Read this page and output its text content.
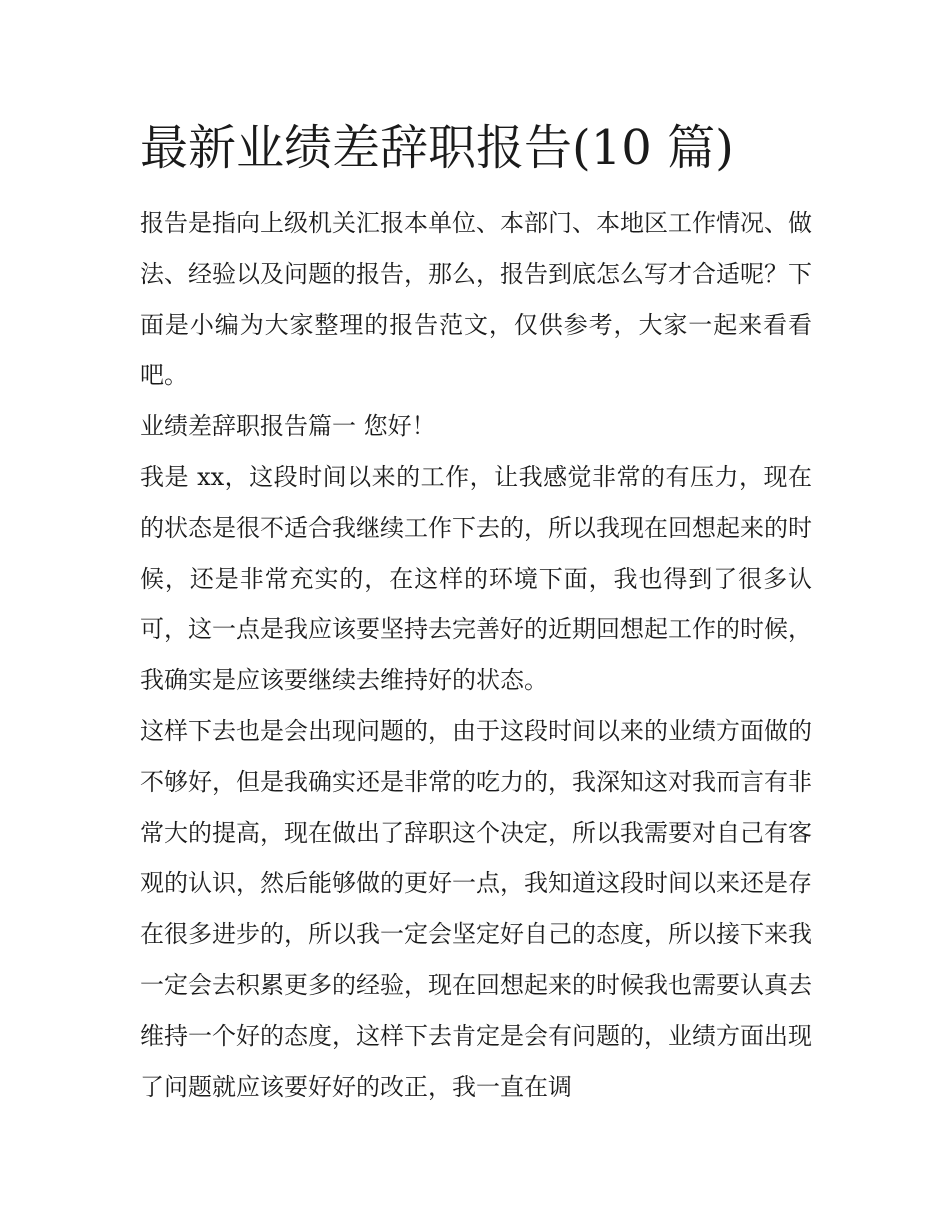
最新业绩差辞职报告(10 篇)

报告是指向上级机关汇报本单位、本部门、本地区工作情况、做法、经验以及问题的报告，那么，报告到底怎么写才合适呢？下面是小编为大家整理的报告范文，仅供参考，大家一起来看看吧。

业绩差辞职报告篇一 您好！

我是 xx，这段时间以来的工作，让我感觉非常的有压力，现在的状态是很不适合我继续工作下去的，所以我现在回想起来的时候，还是非常充实的，在这样的环境下面，我也得到了很多认可，这一点是我应该要坚持去完善好的近期回想起工作的时候，我确实是应该要继续去维持好的状态。

这样下去也是会出现问题的，由于这段时间以来的业绩方面做的不够好，但是我确实还是非常的吃力的，我深知这对我而言有非常大的提高，现在做出了辞职这个决定，所以我需要对自己有客观的认识，然后能够做的更好一点，我知道这段时间以来还是存在很多进步的，所以我一定会坚定好自己的态度，所以接下来我一定会去积累更多的经验，现在回想起来的时候我也需要认真去维持一个好的态度，这样下去肯定是会有问题的，业绩方面出现了问题就应该要好好的改正，我一直在调
